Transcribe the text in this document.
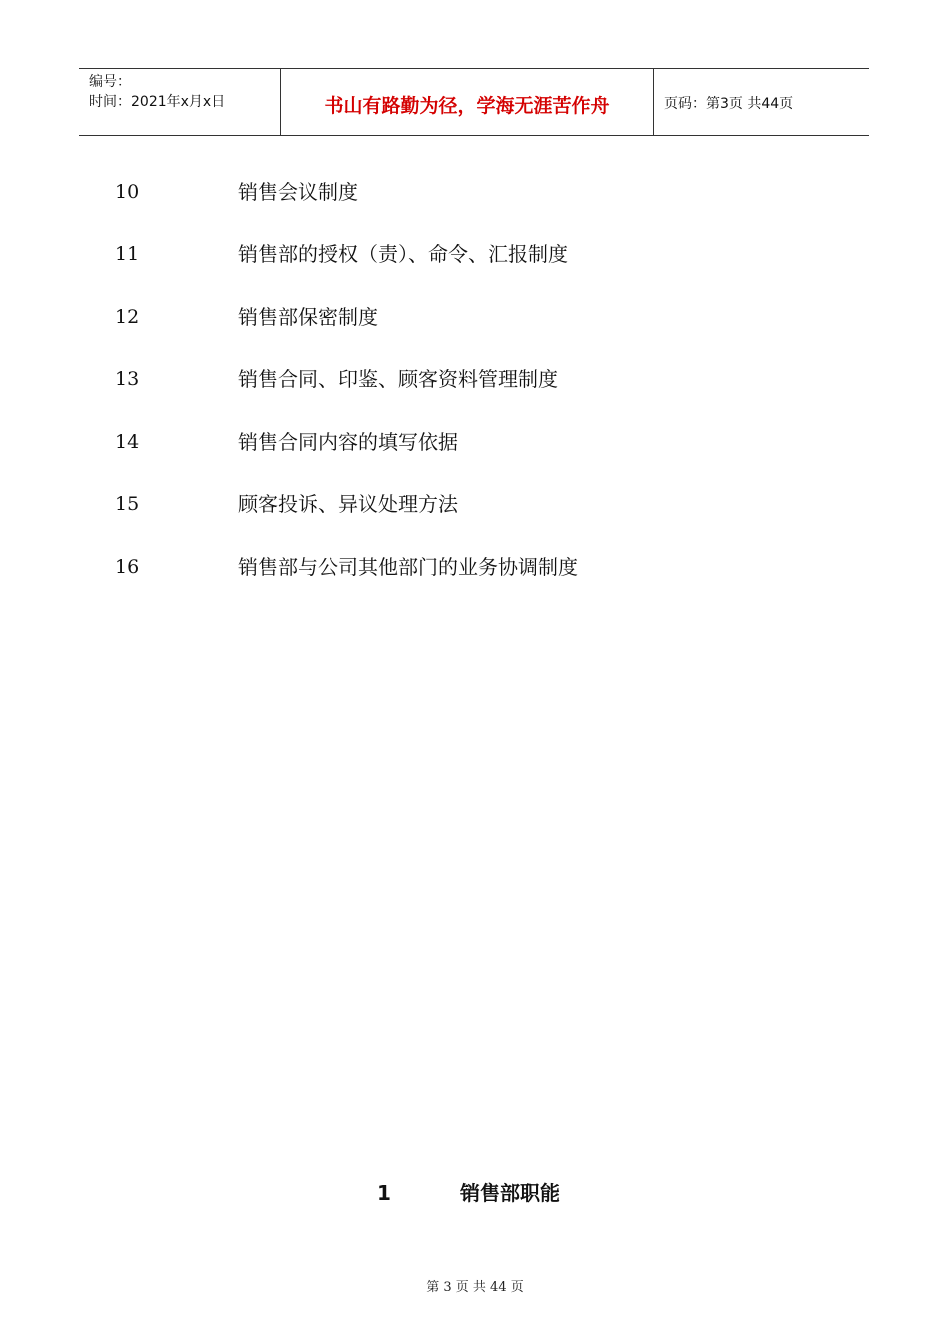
编号：
时间：2021年x月x日	书山有路勤为径，学海无涯苦作舟	页码：第3页 共44页
10	销售会议制度
11	销售部的授权（责）、命令、汇报制度
12	销售部保密制度
13	销售合同、印鉴、顾客资料管理制度
14	销售合同内容的填写依据
15	顾客投诉、异议处理方法
16	销售部与公司其他部门的业务协调制度
1	销售部职能
第 3 页 共 44 页
